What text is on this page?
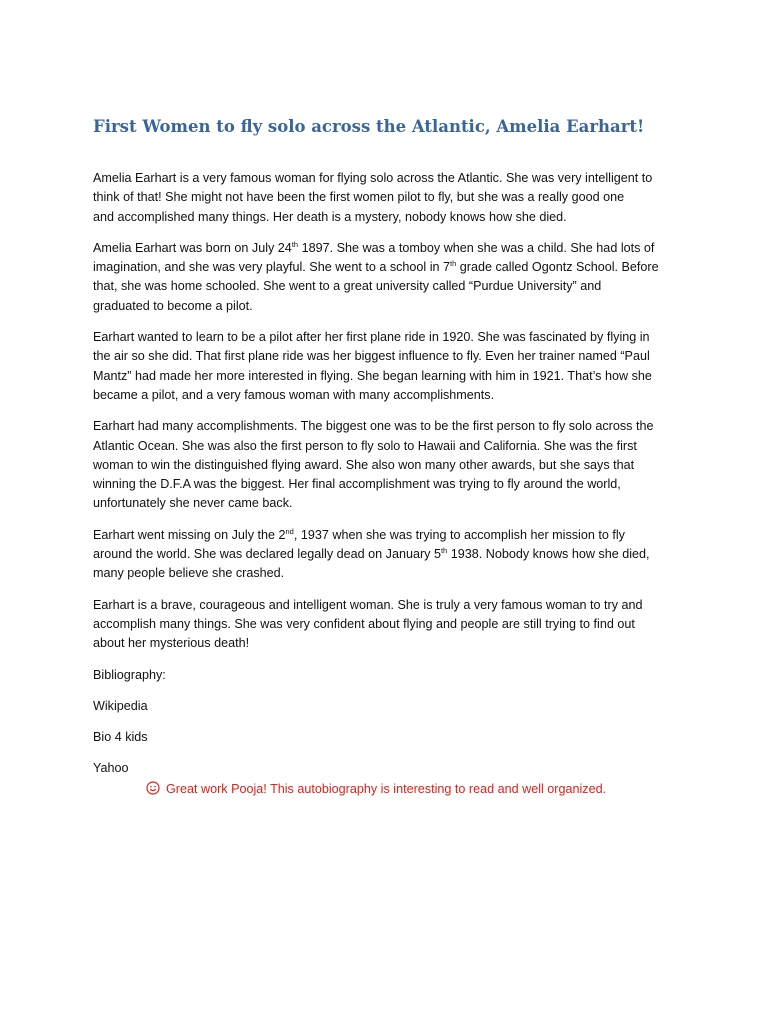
First Women to fly solo across the Atlantic, Amelia Earhart!

Amelia Earhart is a very famous woman for flying solo across the Atlantic. She was very intelligent to
think of that! She might not have been the first women pilot to fly, but she was a really good one
and accomplished many things. Her death is a mystery, nobody knows how she died.

Amelia Earhart was born on July 24th 1897. She was a tomboy when she was a child. She had lots of
imagination, and she was very playful. She went to a school in 7th grade called Ogontz School. Before
that, she was home schooled. She went to a great university called “Purdue University” and
graduated to become a pilot.

Earhart wanted to learn to be a pilot after her first plane ride in 1920. She was fascinated by flying in
the air so she did. That first plane ride was her biggest influence to fly. Even her trainer named “Paul
Mantz” had made her more interested in flying. She began learning with him in 1921. That’s how she
became a pilot, and a very famous woman with many accomplishments.

Earhart had many accomplishments. The biggest one was to be the first person to fly solo across the
Atlantic Ocean. She was also the first person to fly solo to Hawaii and California. She was the first
woman to win the distinguished flying award. She also won many other awards, but she says that
winning the D.F.A was the biggest. Her final accomplishment was trying to fly around the world,
unfortunately she never came back.

Earhart went missing on July the 2nd, 1937 when she was trying to accomplish her mission to fly
around the world. She was declared legally dead on January 5th 1938. Nobody knows how she died,
many people believe she crashed.

Earhart is a brave, courageous and intelligent woman. She is truly a very famous woman to try and
accomplish many things. She was very confident about flying and people are still trying to find out
about her mysterious death!

Bibliography:

Wikipedia

Bio 4 kids

Yahoo

Great work Pooja! This autobiography is interesting to read and well organized.
